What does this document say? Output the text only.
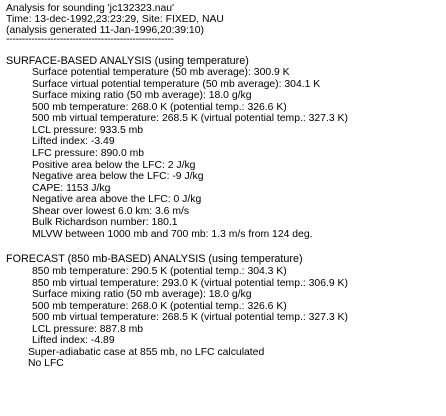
Analysis for sounding 'jc132323.nau'
Time: 13-dec-1992,23:23:29, Site: FIXED, NAU
(analysis generated 11-Jan-1996,20:39:10)
-----------------------------------------------------
SURFACE-BASED ANALYSIS (using temperature)
Surface potential temperature (50 mb average): 300.9 K
Surface virtual potential temperature (50 mb average): 304.1 K
Surface mixing ratio (50 mb average): 18.0 g/kg
500 mb temperature: 268.0 K (potential temp.: 326.6 K)
500 mb virtual temperature: 268.5 K (virtual potential temp.: 327.3 K)
LCL pressure: 933.5 mb
Lifted index: -3.49
LFC pressure: 890.0 mb
Positive area below the LFC: 2 J/kg
Negative area below the LFC: -9 J/kg
CAPE: 1153 J/kg
Negative area above the LFC: 0 J/kg
Shear over lowest 6.0 km: 3.6 m/s
Bulk Richardson number: 180.1
MLVW between 1000 mb and 700 mb: 1.3 m/s from 124 deg.
FORECAST (850 mb-BASED) ANALYSIS (using temperature)
850 mb temperature: 290.5 K (potential temp.: 304.3 K)
850 mb virtual temperature: 293.0 K (virtual potential temp.: 306.9 K)
Surface mixing ratio (50 mb average): 18.0 g/kg
500 mb temperature: 268.0 K (potential temp.: 326.6 K)
500 mb virtual temperature: 268.5 K (virtual potential temp.: 327.3 K)
LCL pressure: 887.8 mb
Lifted index: -4.89
Super-adiabatic case at 855 mb, no LFC calculated
No LFC
